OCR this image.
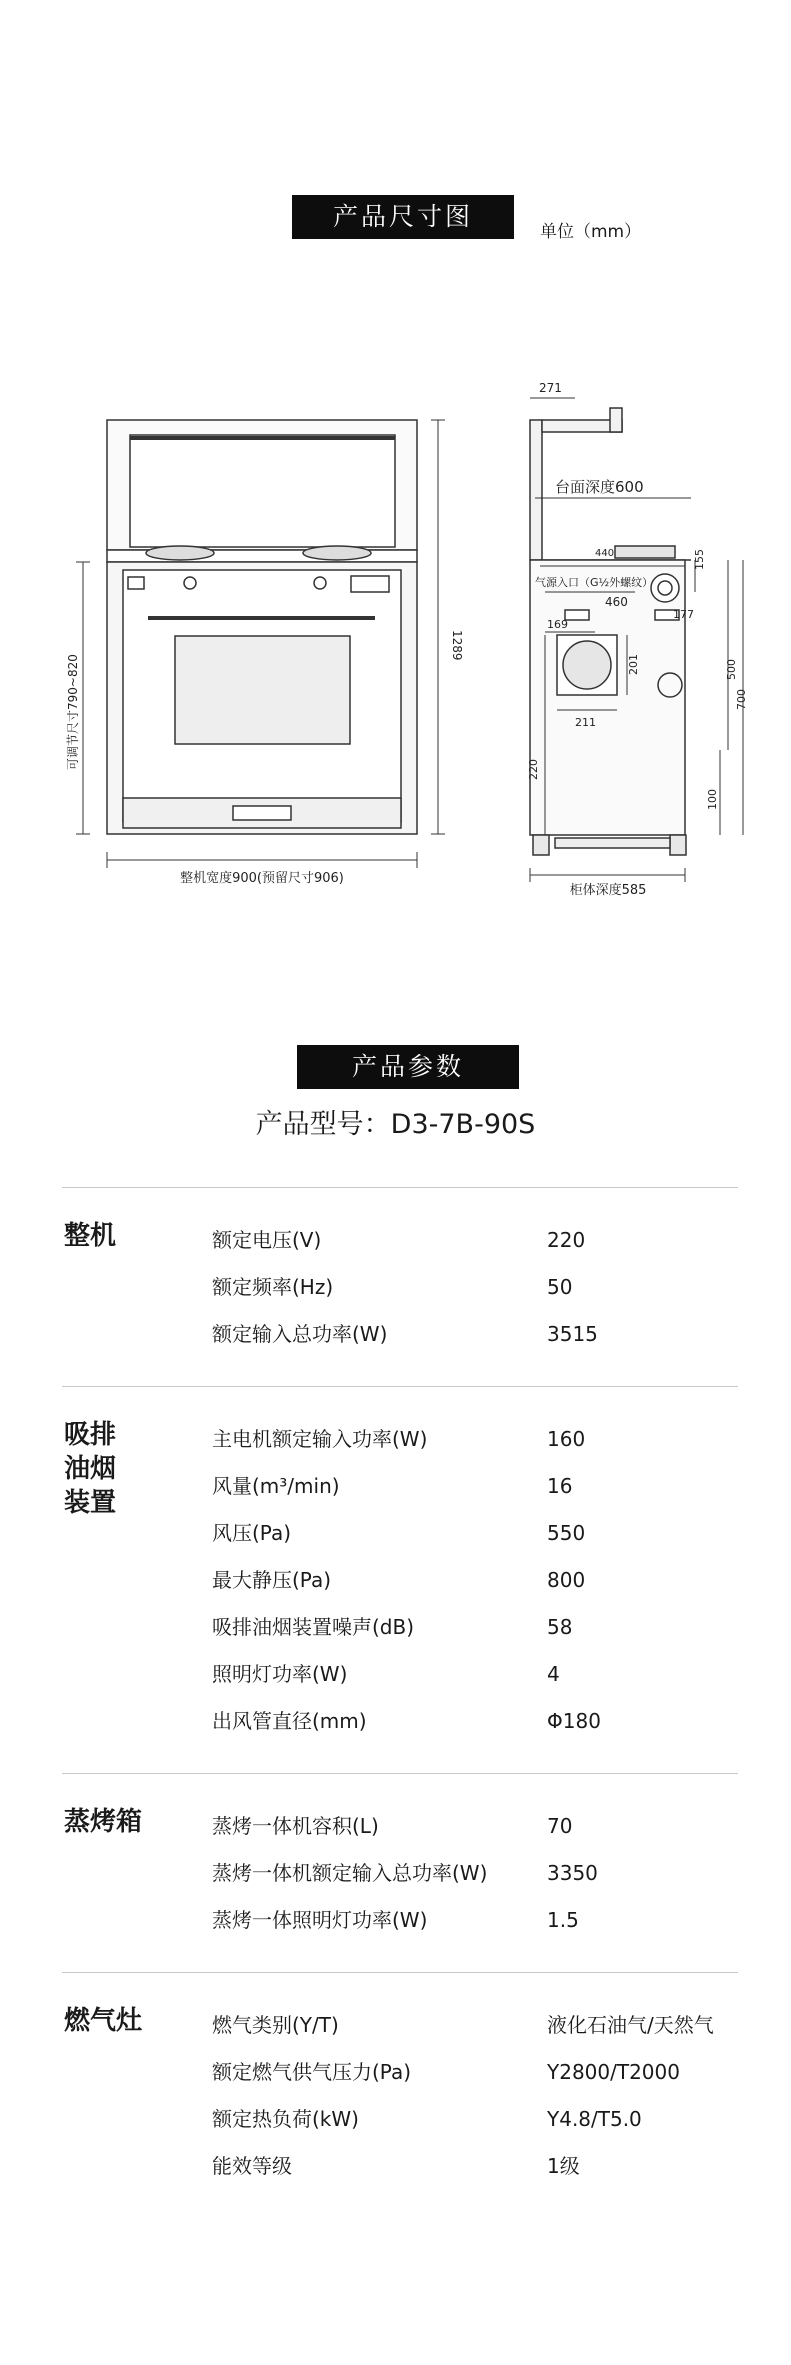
产品尺寸图
单位（mm）
整机宽度900(预留尺寸906)
1289
可调节尺寸790~820
271
台面深度600
440
气源入口（G½外螺纹）
155
460
169
177
500
700
201
211
220
100
柜体深度585
产品参数
产品型号：D3-7B-90S
整机	额定电压(V)	220
额定频率(Hz)	50
额定输入总功率(W)	3515
吸排
油烟
装置
主电机额定输入功率(W)	160
风量(m³/min)	16
风压(Pa)	550
最大静压(Pa)	800
吸排油烟装置噪声(dB)	58
照明灯功率(W)	4
出风管直径(mm)	Φ180
蒸烤箱	蒸烤一体机容积(L)	70
蒸烤一体机额定输入总功率(W)	3350
蒸烤一体照明灯功率(W)	1.5
燃气灶	燃气类别(Y/T)	液化石油气/天然气
额定燃气供气压力(Pa)	Y2800/T2000
额定热负荷(kW)	Y4.8/T5.0
能效等级	1级
